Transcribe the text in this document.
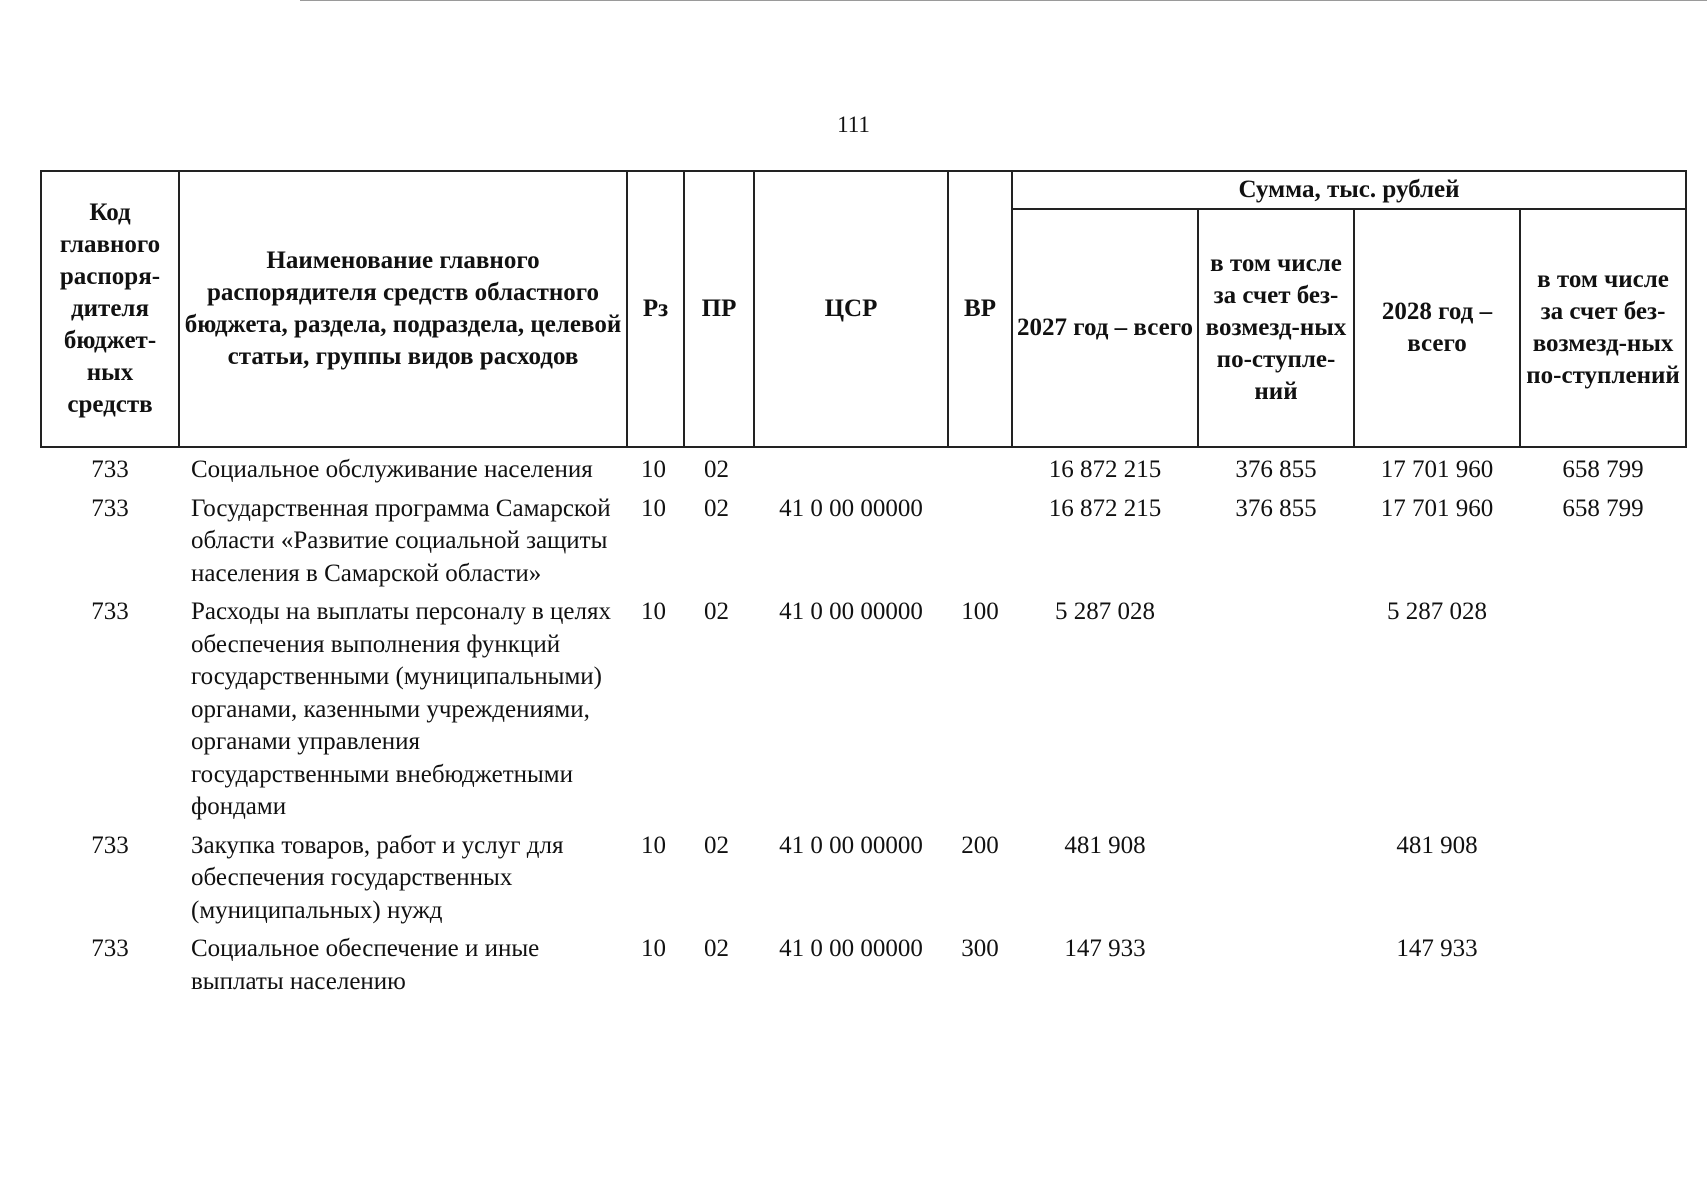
111
Код главного распоря-дителя бюджет-ных средств	Наименование главного распорядителя средств областного бюджета, раздела, подраздела, целевой статьи, группы видов расходов	Рз	ПР	ЦСР	ВР	Сумма, тыс. рублей			
						2027 год – всего	в том числе за счет без-возмезд-ных по-ступле-ний	2028 год – всего	в том числе за счет без-возмезд-ных по-ступлений
733	Социальное обслуживание населения	10	02			16 872 215	376 855	17 701 960	658 799
733	Государственная программа Самарской области «Развитие социальной защиты населения в Самарской области»	10	02	41 0 00 00000		16 872 215	376 855	17 701 960	658 799
733	Расходы на выплаты персоналу в целях обеспечения выполнения функций государственными (муниципальными) органами, казенными учреждениями, органами управления государственными внебюджетными фондами	10	02	41 0 00 00000	100	5 287 028		5 287 028	
733	Закупка товаров, работ и услуг для обеспечения государственных (муниципальных) нужд	10	02	41 0 00 00000	200	481 908		481 908	
733	Социальное обеспечение и иные выплаты населению	10	02	41 0 00 00000	300	147 933		147 933	
